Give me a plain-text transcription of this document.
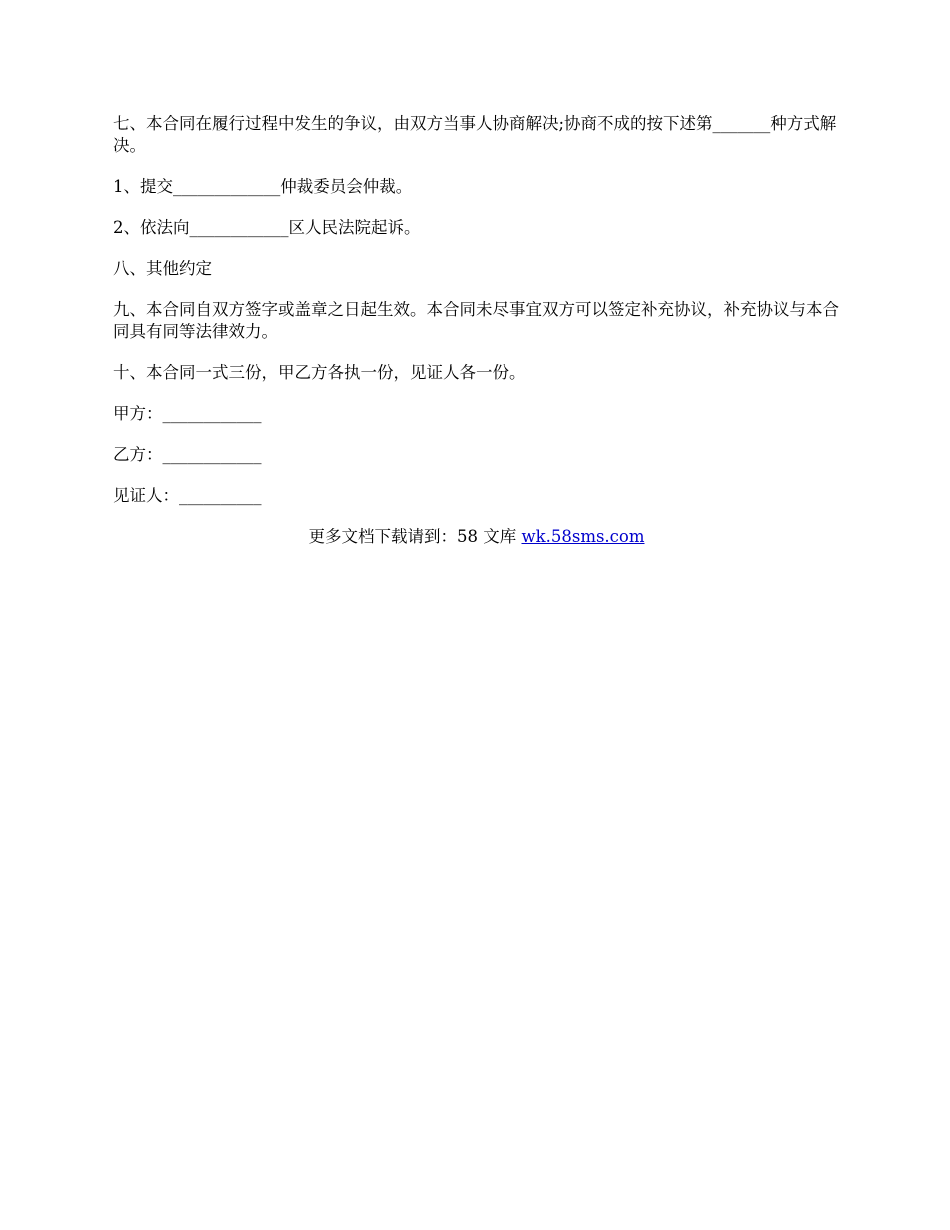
七、本合同在履行过程中发生的争议，由双方当事人协商解决;协商不成的按下述第_______种方式解决。

1、提交_____________仲裁委员会仲裁。

2、依法向____________区人民法院起诉。

八、其他约定

九、本合同自双方签字或盖章之日起生效。本合同未尽事宜双方可以签定补充协议，补充协议与本合同具有同等法律效力。

十、本合同一式三份，甲乙方各执一份，见证人各一份。

甲方：____________

乙方：____________

见证人：__________

更多文档下载请到：58 文库 wk.58sms.com
